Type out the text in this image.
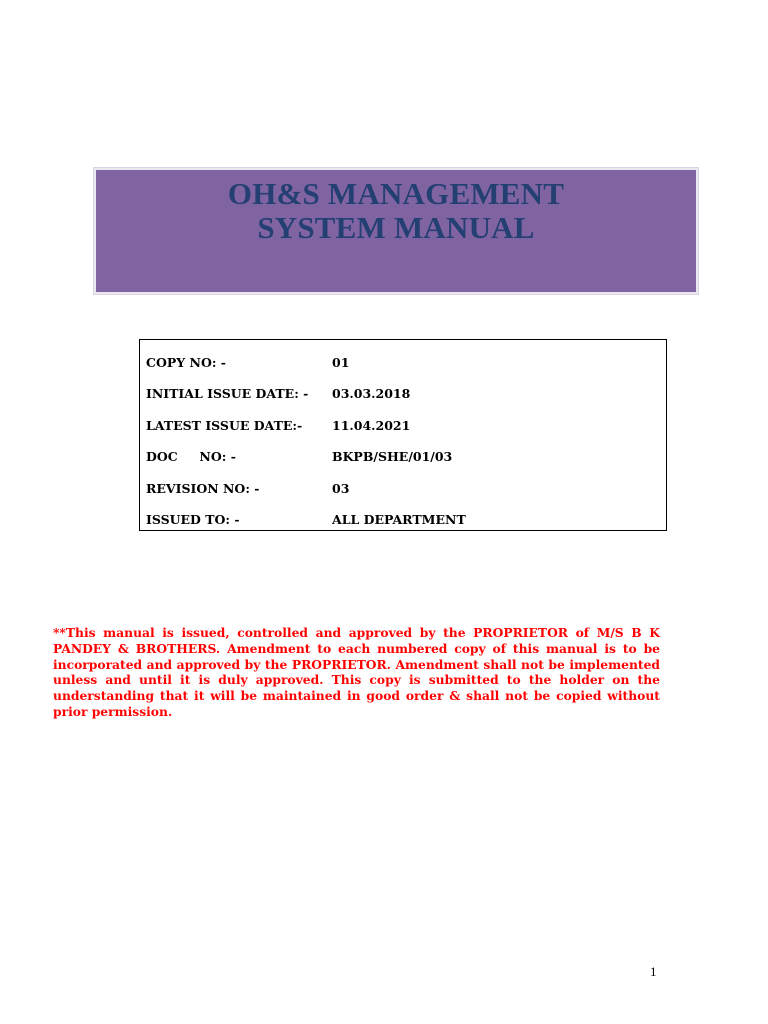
OH&S MANAGEMENT
SYSTEM MANUAL
COPY NO: -	01
INITIAL ISSUE DATE: - 03.03.2018
LATEST ISSUE DATE:- 11.04.2021
DOC     NO: -	BKPB/SHE/01/03
REVISION NO: -	03
ISSUED TO: -	ALL DEPARTMENT

**This manual is issued, controlled and approved by the PROPRIETOR of M/S B K PANDEY & BROTHERS. Amendment to each numbered copy of this manual is to be incorporated and approved by the PROPRIETOR. Amendment shall not be implemented unless and until it is duly approved. This copy is submitted to the holder on the understanding that it will be maintained in good order & shall not be copied without prior permission.

1
